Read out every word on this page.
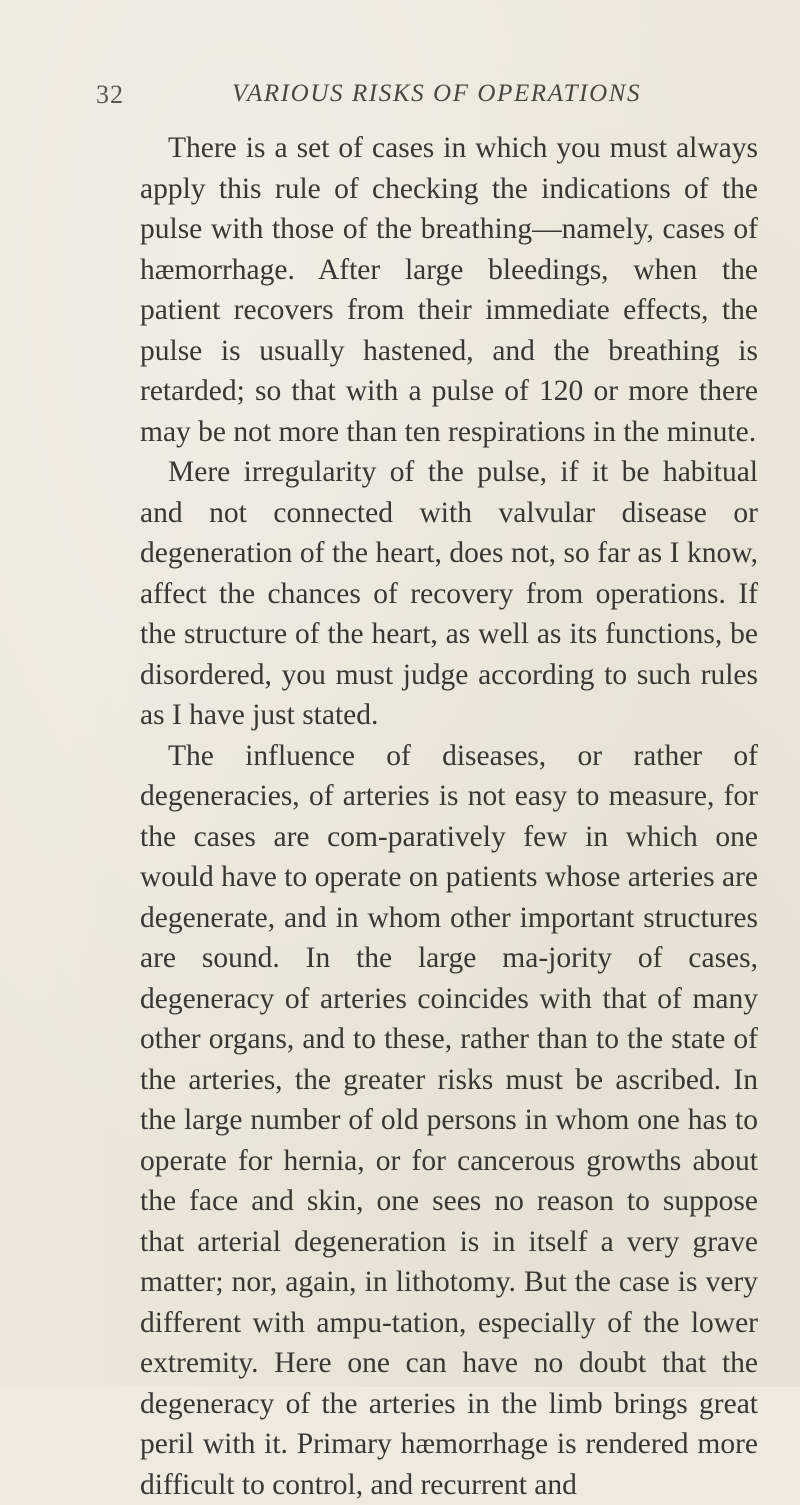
32	VARIOUS RISKS OF OPERATIONS

There is a set of cases in which you must always apply this rule of checking the indications of the pulse with those of the breathing—namely, cases of hæmorrhage. After large bleedings, when the patient recovers from their immediate effects, the pulse is usually hastened, and the breathing is retarded; so that with a pulse of 120 or more there may be not more than ten respirations in the minute.

Mere irregularity of the pulse, if it be habitual and not connected with valvular disease or degeneration of the heart, does not, so far as I know, affect the chances of recovery from operations. If the structure of the heart, as well as its functions, be disordered, you must judge according to such rules as I have just stated.

The influence of diseases, or rather of degeneracies, of arteries is not easy to measure, for the cases are com-paratively few in which one would have to operate on patients whose arteries are degenerate, and in whom other important structures are sound. In the large ma-jority of cases, degeneracy of arteries coincides with that of many other organs, and to these, rather than to the state of the arteries, the greater risks must be ascribed. In the large number of old persons in whom one has to operate for hernia, or for cancerous growths about the face and skin, one sees no reason to suppose that arterial degeneration is in itself a very grave matter; nor, again, in lithotomy. But the case is very different with ampu-tation, especially of the lower extremity. Here one can have no doubt that the degeneracy of the arteries in the limb brings great peril with it. Primary hæmorrhage is rendered more difficult to control, and recurrent and
